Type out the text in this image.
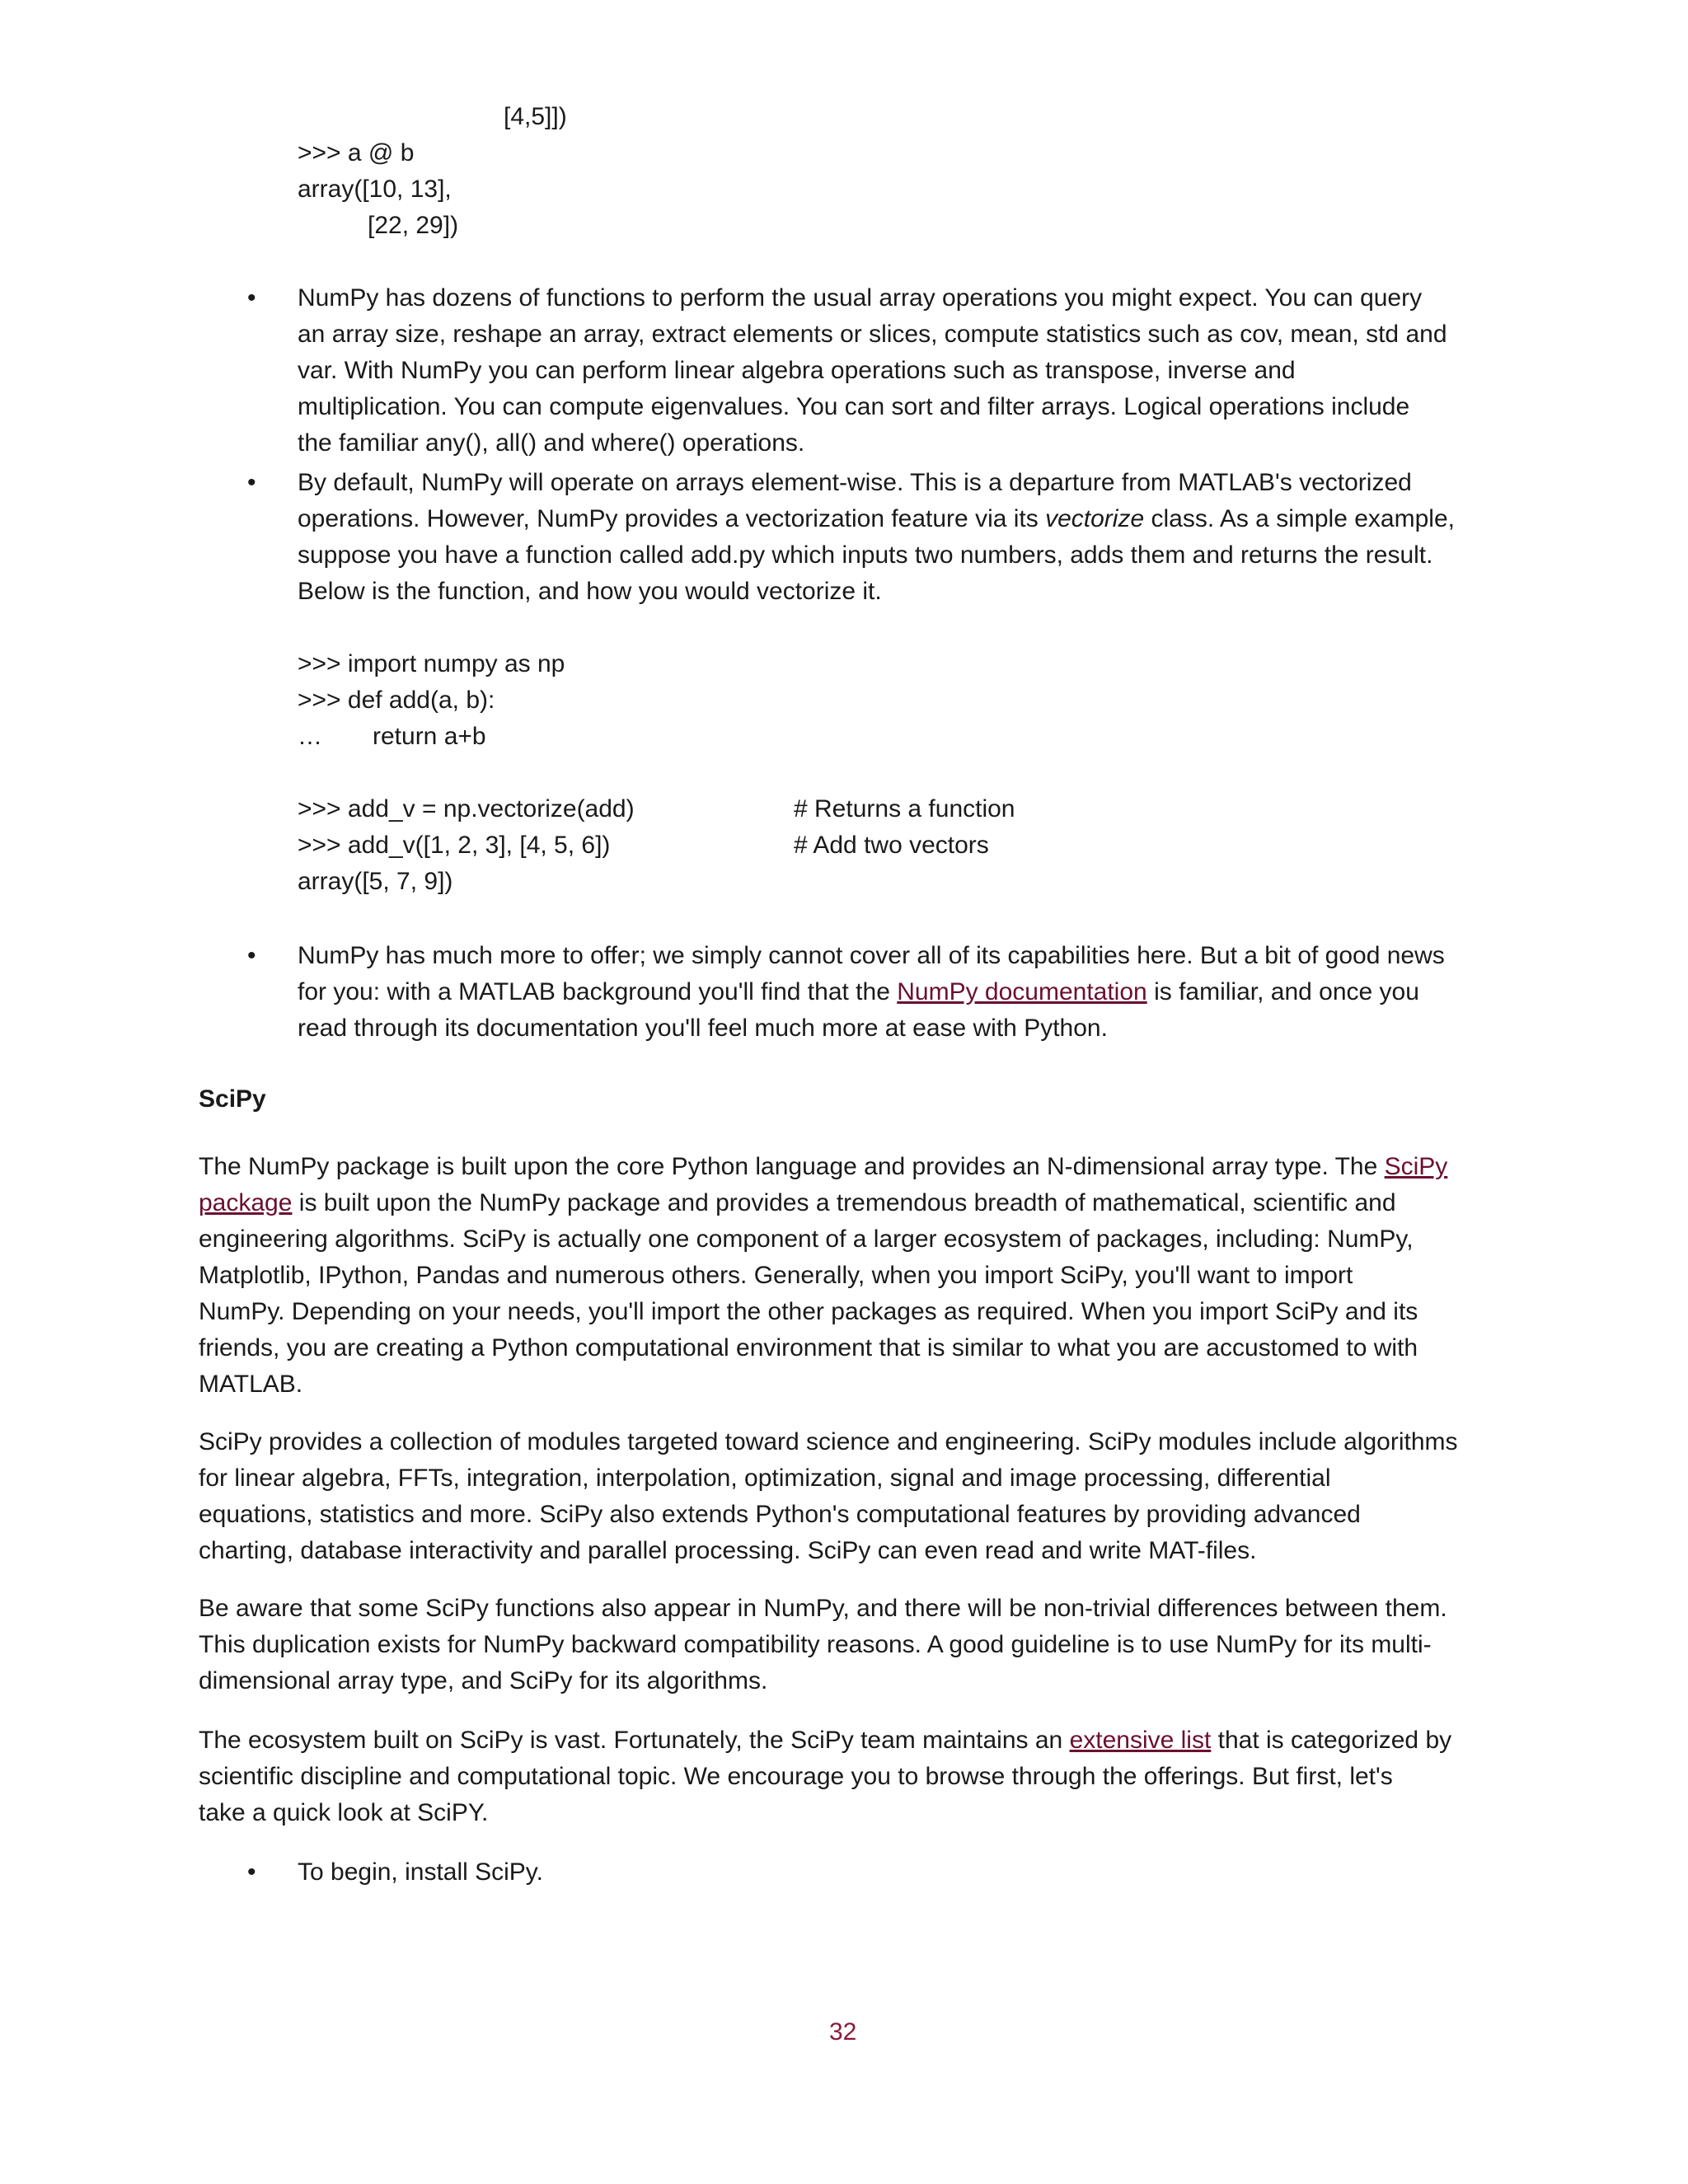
[4,5]])
>>> a @ b
array([10, 13],
[22, 29])
• NumPy has dozens of functions to perform the usual array operations you might expect. You can query
an array size, reshape an array, extract elements or slices, compute statistics such as cov, mean, std and
var. With NumPy you can perform linear algebra operations such as transpose, inverse and
multiplication. You can compute eigenvalues. You can sort and filter arrays. Logical operations include
the familiar any(), all() and where() operations.
• By default, NumPy will operate on arrays element-wise. This is a departure from MATLAB's vectorized
operations. However, NumPy provides a vectorization feature via its vectorize class. As a simple example,
suppose you have a function called add.py which inputs two numbers, adds them and returns the result.
Below is the function, and how you would vectorize it.
>>> import numpy as np
>>> def add(a, b):
… return a+b
>>> add_v = np.vectorize(add)	# Returns a function
>>> add_v([1, 2, 3], [4, 5, 6])	# Add two vectors
array([5, 7, 9])
• NumPy has much more to offer; we simply cannot cover all of its capabilities here. But a bit of good news
for you: with a MATLAB background you'll find that the NumPy documentation is familiar, and once you
read through its documentation you'll feel much more at ease with Python.
SciPy
The NumPy package is built upon the core Python language and provides an N-dimensional array type. The SciPy
package is built upon the NumPy package and provides a tremendous breadth of mathematical, scientific and
engineering algorithms. SciPy is actually one component of a larger ecosystem of packages, including: NumPy,
Matplotlib, IPython, Pandas and numerous others. Generally, when you import SciPy, you'll want to import
NumPy. Depending on your needs, you'll import the other packages as required. When you import SciPy and its
friends, you are creating a Python computational environment that is similar to what you are accustomed to with
MATLAB.
SciPy provides a collection of modules targeted toward science and engineering. SciPy modules include algorithms
for linear algebra, FFTs, integration, interpolation, optimization, signal and image processing, differential
equations, statistics and more. SciPy also extends Python's computational features by providing advanced
charting, database interactivity and parallel processing. SciPy can even read and write MAT-files.
Be aware that some SciPy functions also appear in NumPy, and there will be non-trivial differences between them.
This duplication exists for NumPy backward compatibility reasons. A good guideline is to use NumPy for its multi-
dimensional array type, and SciPy for its algorithms.
The ecosystem built on SciPy is vast. Fortunately, the SciPy team maintains an extensive list that is categorized by
scientific discipline and computational topic. We encourage you to browse through the offerings. But first, let's
take a quick look at SciPY.
• To begin, install SciPy.
32
